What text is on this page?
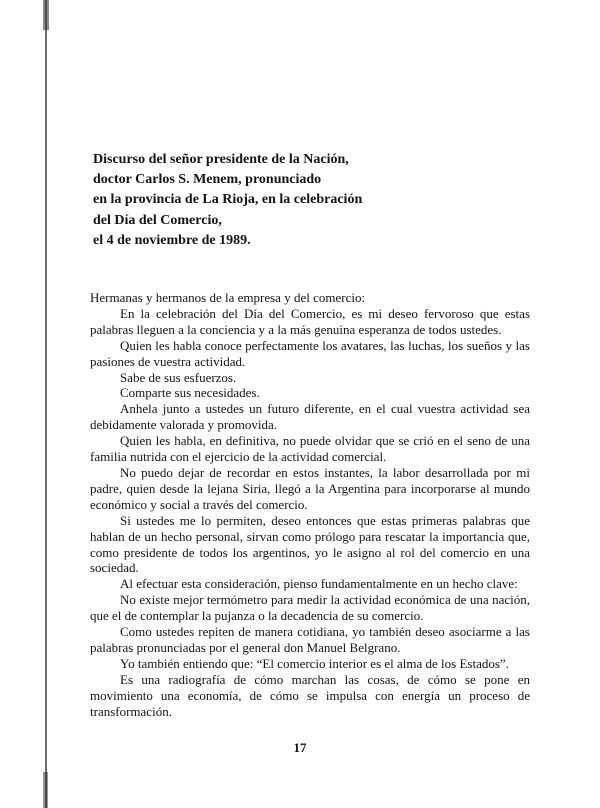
Discurso del señor presidente de la Nación,
doctor Carlos S. Menem, pronunciado
en la provincia de La Rioja, en la celebración
del Día del Comercio,
el 4 de noviembre de 1989.

Hermanas y hermanos de la empresa y del comercio:

En la celebración del Día del Comercio, es mi deseo fervoroso que estas palabras lleguen a la conciencia y a la más genuina esperanza de todos ustedes.

Quien les habla conoce perfectamente los avatares, las luchas, los sueños y las pasiones de vuestra actividad.

Sabe de sus esfuerzos.

Comparte sus necesidades.

Anhela junto a ustedes un futuro diferente, en el cual vuestra actividad sea debidamente valorada y promovida.

Quien les habla, en definitiva, no puede olvidar que se crió en el seno de una familia nutrida con el ejercicio de la actividad comercial.

No puedo dejar de recordar en estos instantes, la labor desarrollada por mi padre, quien desde la lejana Siria, llegó a la Argentina para incorporarse al mundo económico y social a través del comercio.

Si ustedes me lo permiten, deseo entonces que estas primeras palabras que hablan de un hecho personal, sirvan como prólogo para rescatar la importancia que, como presidente de todos los argentinos, yo le asigno al rol del comercio en una sociedad.

Al efectuar esta consideración, pienso fundamentalmente en un hecho clave:

No existe mejor termómetro para medir la actividad económica de una nación, que el de contemplar la pujanza o la decadencia de su comercio.

Como ustedes repiten de manera cotidiana, yo también deseo asociarme a las palabras pronunciadas por el general don Manuel Belgrano.

Yo también entiendo que: “El comercio interior es el alma de los Estados”.

Es una radiografía de cómo marchan las cosas, de cómo se pone en movimiento una economía, de cómo se impulsa con energía un proceso de transformación.

17
